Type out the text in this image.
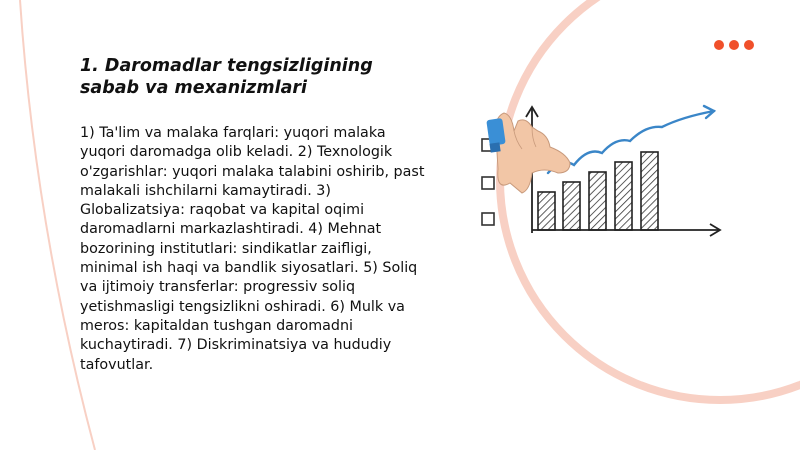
1. Daromadlar tengsizligining sabab va mexanizmlari

1) Ta'lim va malaka farqlari: yuqori malaka yuqori daromadga olib keladi. 2) Texnologik o'zgarishlar: yuqori malaka talabini oshirib, past malakali ishchilarni kamaytiradi. 3) Globalizatsiya: raqobat va kapital oqimi daromadlarni markazlashtiradi. 4) Mehnat bozorining institutlari: sindikatlar zaifligi, minimal ish haqi va bandlik siyosatlari. 5) Soliq va ijtimoiy transferlar: progressiv soliq yetishmasligi tengsizlikni oshiradi. 6) Mulk va meros: kapitaldan tushgan daromadni kuchaytiradi. 7) Diskriminatsiya va hududiy tafovutlar.
